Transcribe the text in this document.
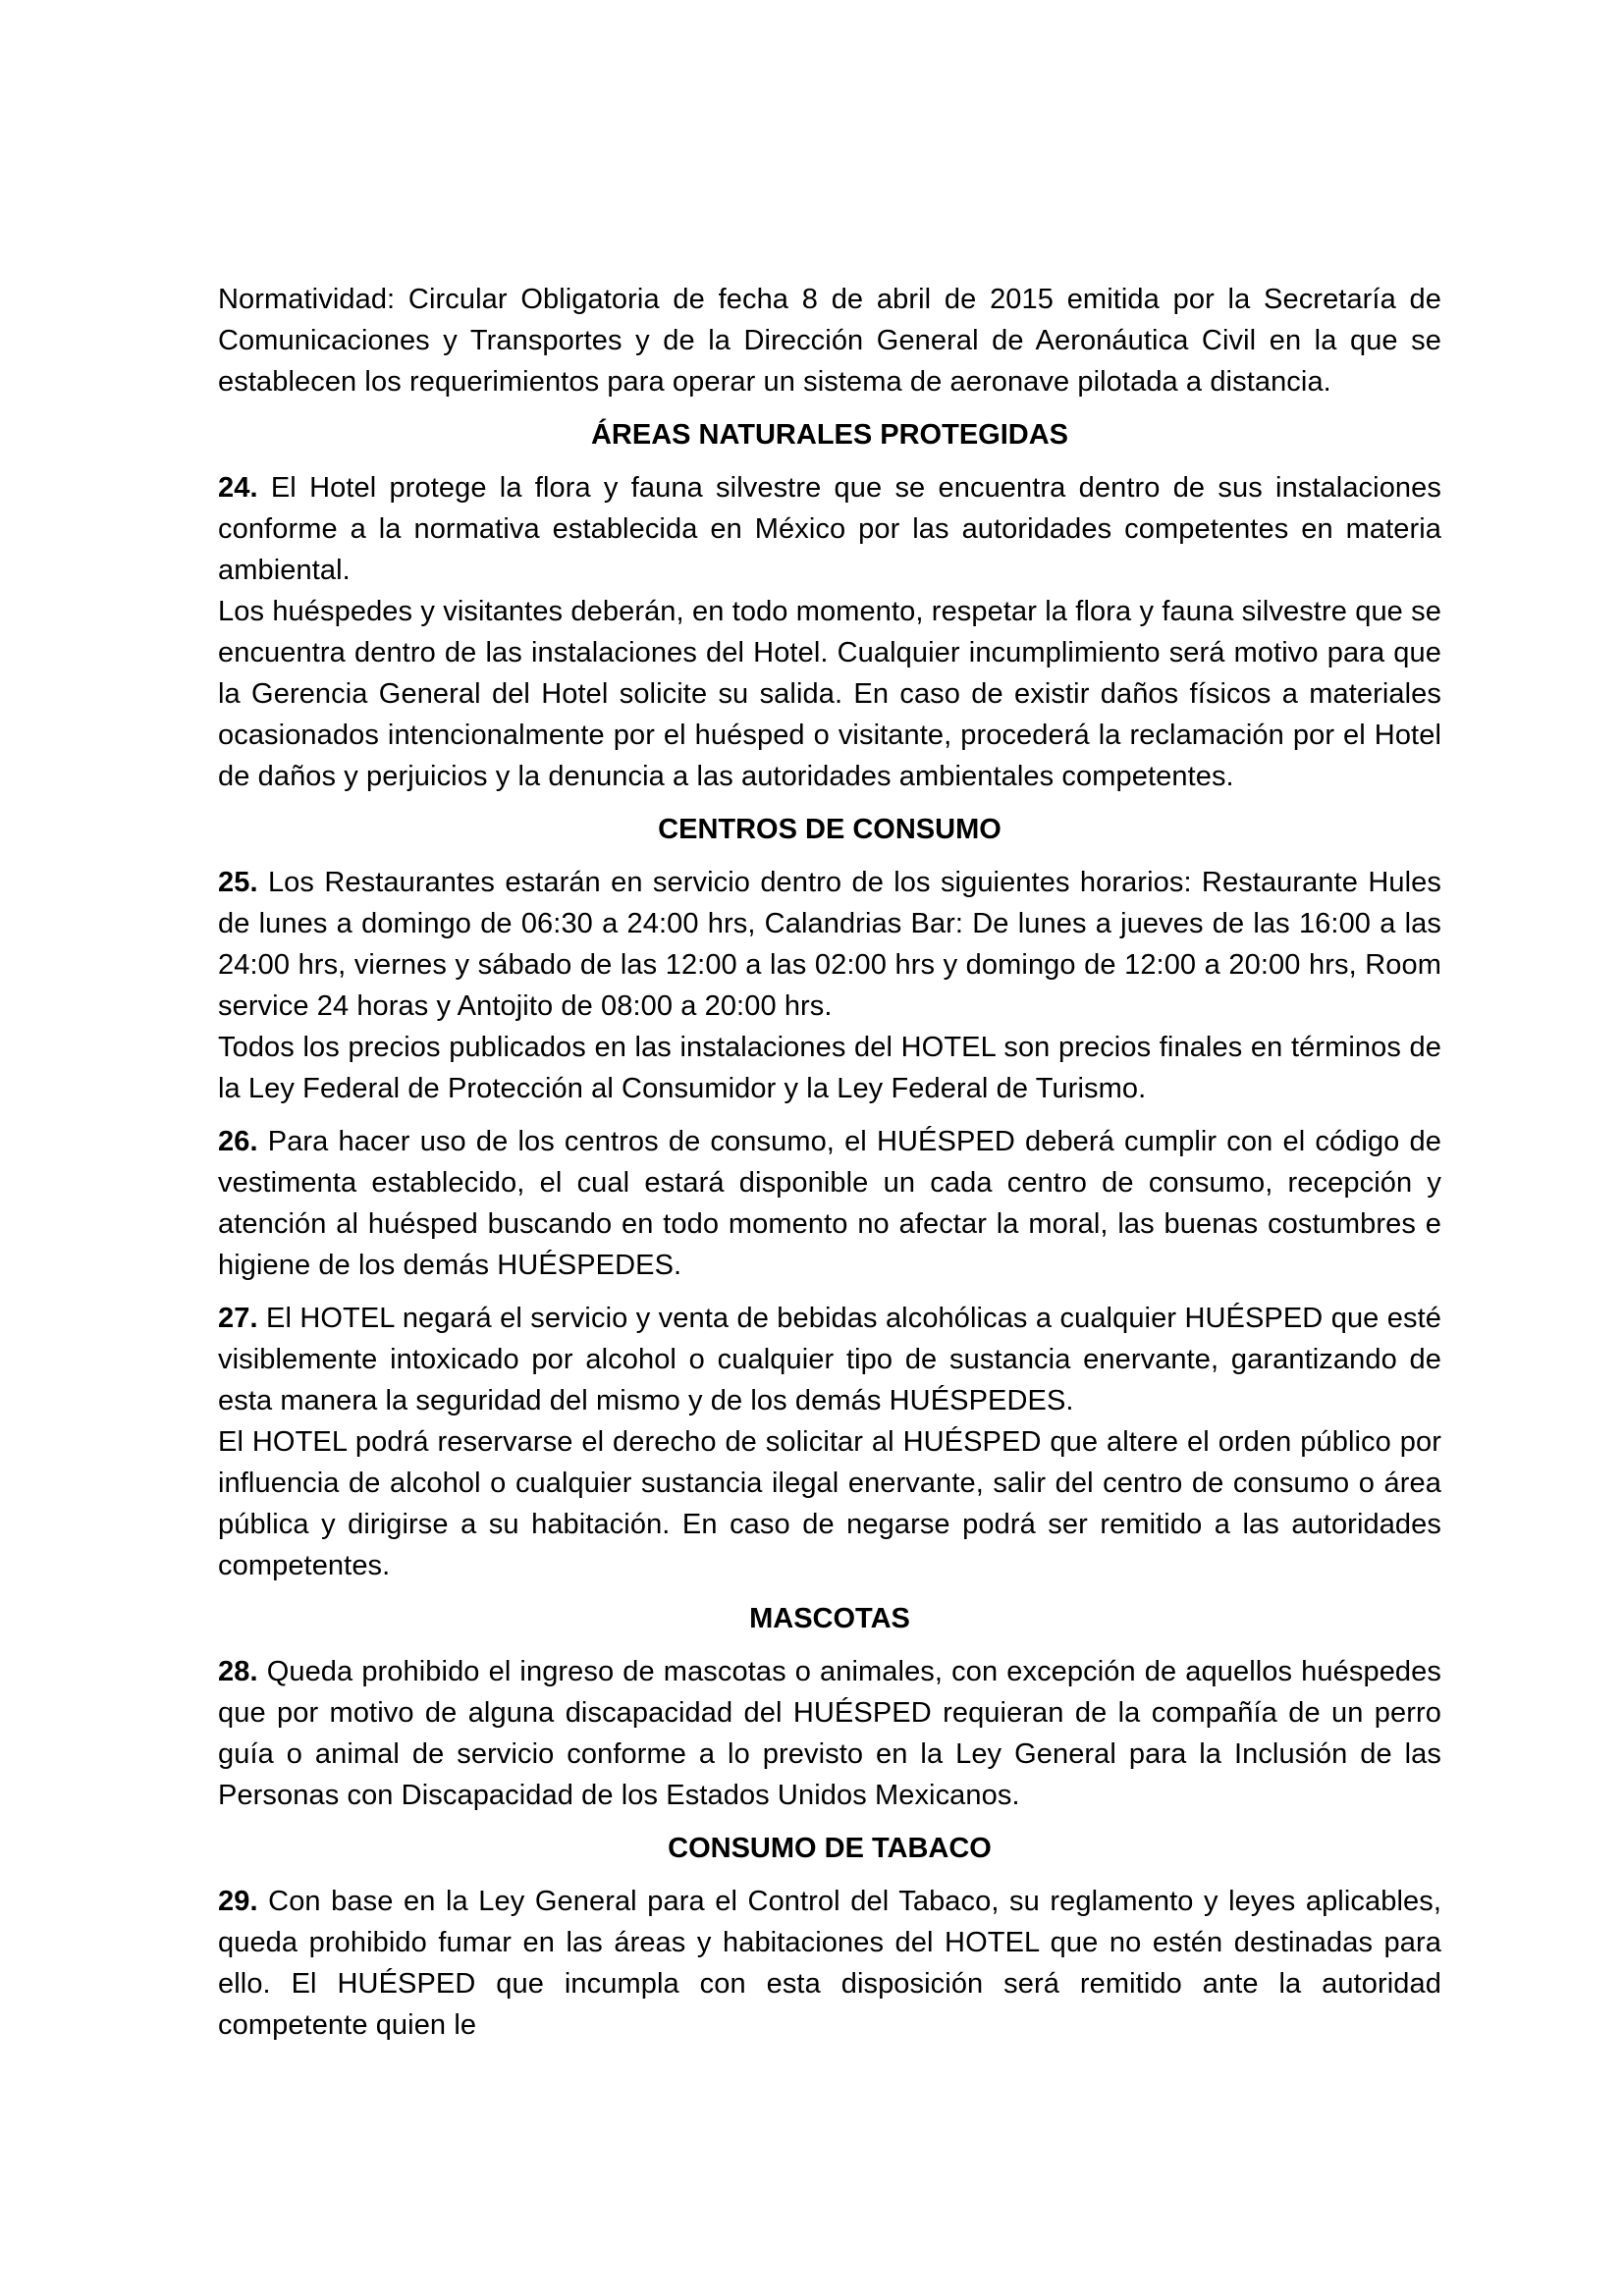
Normatividad: Circular Obligatoria de fecha 8 de abril de 2015 emitida por la Secretaría de Comunicaciones y Transportes y de la Dirección General de Aeronáutica Civil en la que se establecen los requerimientos para operar un sistema de aeronave pilotada a distancia.

ÁREAS NATURALES PROTEGIDAS

24. El Hotel protege la flora y fauna silvestre que se encuentra dentro de sus instalaciones conforme a la normativa establecida en México por las autoridades competentes en materia ambiental.

Los huéspedes y visitantes deberán, en todo momento, respetar la flora y fauna silvestre que se encuentra dentro de las instalaciones del Hotel. Cualquier incumplimiento será motivo para que la Gerencia General del Hotel solicite su salida. En caso de existir daños físicos a materiales ocasionados intencionalmente por el huésped o visitante, procederá la reclamación por el Hotel de daños y perjuicios y la denuncia a las autoridades ambientales competentes.

CENTROS DE CONSUMO

25. Los Restaurantes estarán en servicio dentro de los siguientes horarios: Restaurante Hules de lunes a domingo de 06:30 a 24:00 hrs, Calandrias Bar: De lunes a jueves de las 16:00 a las 24:00 hrs, viernes y sábado de las 12:00 a las 02:00 hrs y domingo de 12:00 a 20:00 hrs, Room service 24 horas y Antojito de 08:00 a 20:00 hrs.

Todos los precios publicados en las instalaciones del HOTEL son precios finales en términos de la Ley Federal de Protección al Consumidor y la Ley Federal de Turismo.

26. Para hacer uso de los centros de consumo, el HUÉSPED deberá cumplir con el código de vestimenta establecido, el cual estará disponible un cada centro de consumo, recepción y atención al huésped buscando en todo momento no afectar la moral, las buenas costumbres e higiene de los demás HUÉSPEDES.

27. El HOTEL negará el servicio y venta de bebidas alcohólicas a cualquier HUÉSPED que esté visiblemente intoxicado por alcohol o cualquier tipo de sustancia enervante, garantizando de esta manera la seguridad del mismo y de los demás HUÉSPEDES.

El HOTEL podrá reservarse el derecho de solicitar al HUÉSPED que altere el orden público por influencia de alcohol o cualquier sustancia ilegal enervante, salir del centro de consumo o área pública y dirigirse a su habitación. En caso de negarse podrá ser remitido a las autoridades competentes.

MASCOTAS

28. Queda prohibido el ingreso de mascotas o animales, con excepción de aquellos huéspedes que por motivo de alguna discapacidad del HUÉSPED requieran de la compañía de un perro guía o animal de servicio conforme a lo previsto en la Ley General para la Inclusión de las Personas con Discapacidad de los Estados Unidos Mexicanos.

CONSUMO DE TABACO

29. Con base en la Ley General para el Control del Tabaco, su reglamento y leyes aplicables, queda prohibido fumar en las áreas y habitaciones del HOTEL que no estén destinadas para ello. El HUÉSPED que incumpla con esta disposición será remitido ante la autoridad competente quien le
